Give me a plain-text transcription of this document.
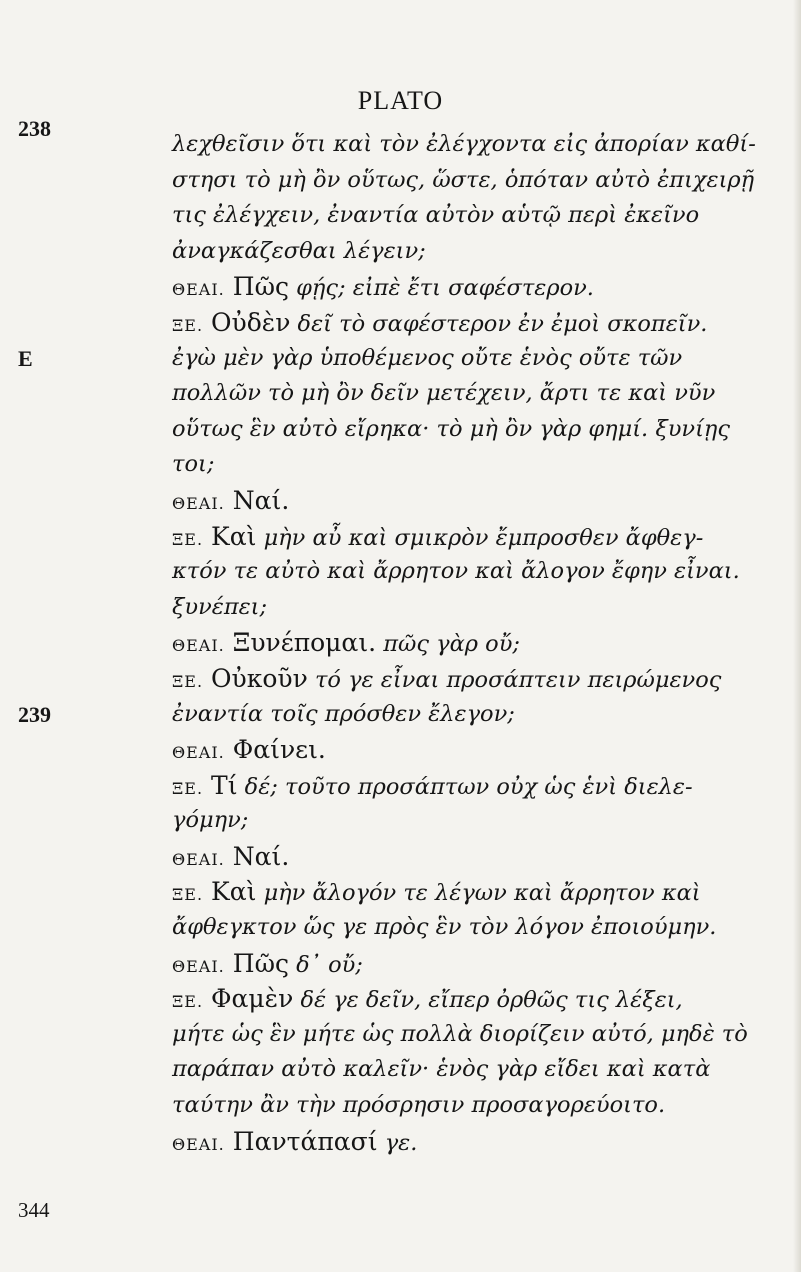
PLATO
238
λεχθεῖσιν ὅτι καὶ τὸν ἐλέγχοντα εἰς ἀπορίαν καθί-
στησι τὸ μὴ ὂν οὕτως, ὥστε, ὁπόταν αὐτὸ ἐπιχειρῇ
τις ἐλέγχειν, ἐναντία αὐτὸν αὑτῷ περὶ ἐκεῖνο
ἀναγκάζεσθαι λέγειν;
ΘΕΑΙ. Πῶς φῄς; εἰπὲ ἔτι σαφέστερον.
ΞΕ. Οὐδὲν δεῖ τὸ σαφέστερον ἐν ἐμοὶ σκοπεῖν.
E	ἐγὼ μὲν γὰρ ὑποθέμενος οὔτε ἑνὸς οὔτε τῶν
πολλῶν τὸ μὴ ὂν δεῖν μετέχειν, ἄρτι τε καὶ νῦν
οὕτως ἓν αὐτὸ εἴρηκα· τὸ μὴ ὂν γὰρ φημί. ξυνίῃς
τοι;
ΘΕΑΙ. Ναί.
ΞΕ. Καὶ μὴν αὖ καὶ σμικρὸν ἔμπροσθεν ἄφθεγ-
κτόν τε αὐτὸ καὶ ἄρρητον καὶ ἄλογον ἔφην εἶναι.
ξυνέπει;
ΘΕΑΙ. Ξυνέπομαι. πῶς γὰρ οὔ;
ΞΕ. Οὐκοῦν τό γε εἶναι προσάπτειν πειρώμενος
239	ἐναντία τοῖς πρόσθεν ἔλεγον;
ΘΕΑΙ. Φαίνει.
ΞΕ. Τί δέ; τοῦτο προσάπτων οὐχ ὡς ἑνὶ διελε-
γόμην;
ΘΕΑΙ. Ναί.
ΞΕ. Καὶ μὴν ἄλογόν τε λέγων καὶ ἄρρητον καὶ
ἄφθεγκτον ὥς γε πρὸς ἓν τὸν λόγον ἐποιούμην.
ΘΕΑΙ. Πῶς δ᾽ οὔ;
ΞΕ. Φαμὲν δέ γε δεῖν, εἴπερ ὀρθῶς τις λέξει,
μήτε ὡς ἓν μήτε ὡς πολλὰ διορίζειν αὐτό, μηδὲ τὸ
παράπαν αὐτὸ καλεῖν· ἑνὸς γὰρ εἴδει καὶ κατὰ
ταύτην ἂν τὴν πρόσρησιν προσαγορεύοιτο.
ΘΕΑΙ. Παντάπασί γε.
344
